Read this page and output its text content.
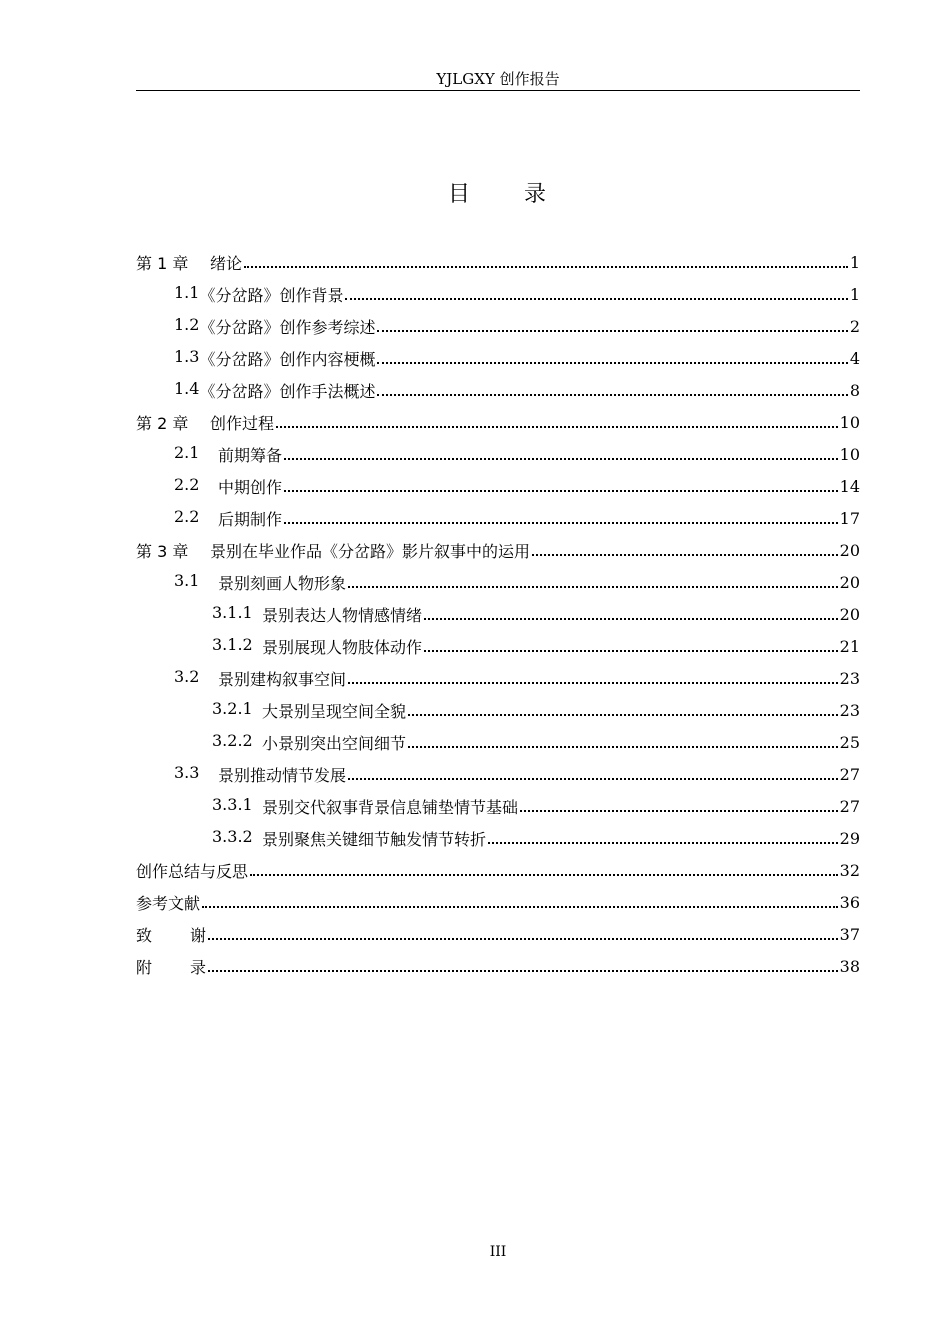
YJLGXY 创作报告
目 录
第 1 章	绪论	1
1.1 《分岔路》创作背景	1
1.2 《分岔路》创作参考综述	2
1.3 《分岔路》创作内容梗概	4
1.4 《分岔路》创作手法概述	8
第 2 章	创作过程	10
2.1	前期筹备	10
2.2	中期创作	14
2.2	后期制作	17
第 3 章	景别在毕业作品《分岔路》影片叙事中的运用	20
3.1	景别刻画人物形象	20
3.1.1 景别表达人物情感情绪	20
3.1.2 景别展现人物肢体动作	21
3.2	景别建构叙事空间	23
3.2.1 大景别呈现空间全貌	23
3.2.2 小景别突出空间细节	25
3.3	景别推动情节发展	27
3.3.1 景别交代叙事背景信息铺垫情节基础	27
3.3.2 景别聚焦关键细节触发情节转折	29
创作总结与反思	32
参考文献	36
致 谢	37
附 录	38
III
